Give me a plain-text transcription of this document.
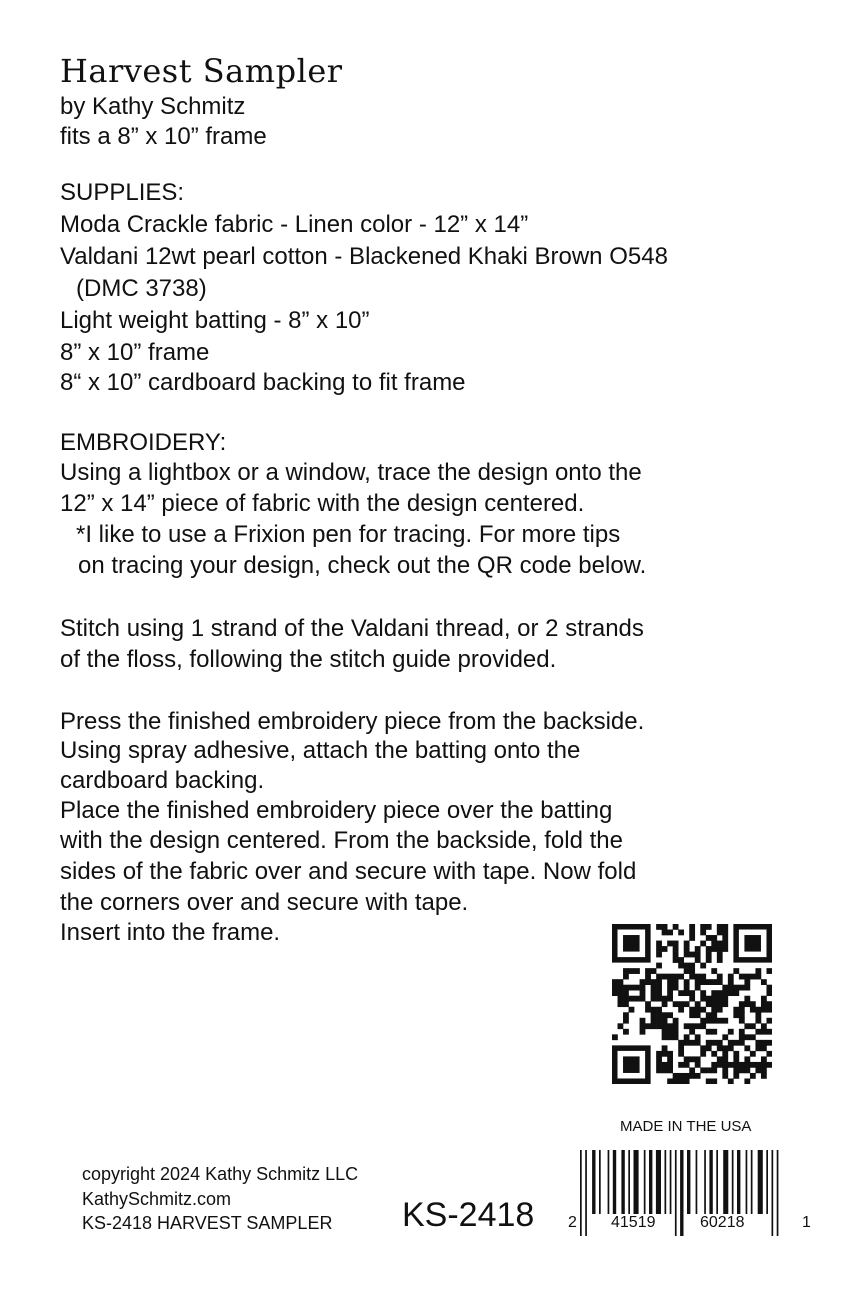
Harvest Sampler
by Kathy Schmitz
fits a 8” x 10” frame
SUPPLIES:
Moda Crackle fabric - Linen color - 12” x 14”
Valdani 12wt pearl cotton - Blackened Khaki Brown O548
(DMC 3738)
Light weight batting - 8” x 10”
8” x 10” frame
8“ x 10” cardboard backing to fit frame
EMBROIDERY:
Using a lightbox or a window, trace the design onto the
12” x 14” piece of fabric with the design centered.
*I like to use a Frixion pen for tracing. For more tips
on tracing your design, check out the QR code below.
Stitch using 1 strand of the Valdani thread, or 2 strands
of the floss, following the stitch guide provided.
Press the finished embroidery piece from the backside.
Using spray adhesive, attach the batting onto the
cardboard backing.
Place the finished embroidery piece over the batting
with the design centered. From the backside, fold the
sides of the fabric over and secure with tape. Now fold
the corners over and secure with tape.
Insert into the frame.
MADE IN THE USA
copyright 2024 Kathy Schmitz LLC
KathySchmitz.com
KS-2418 HARVEST SAMPLER KS-2418 2 41519	60218	1
